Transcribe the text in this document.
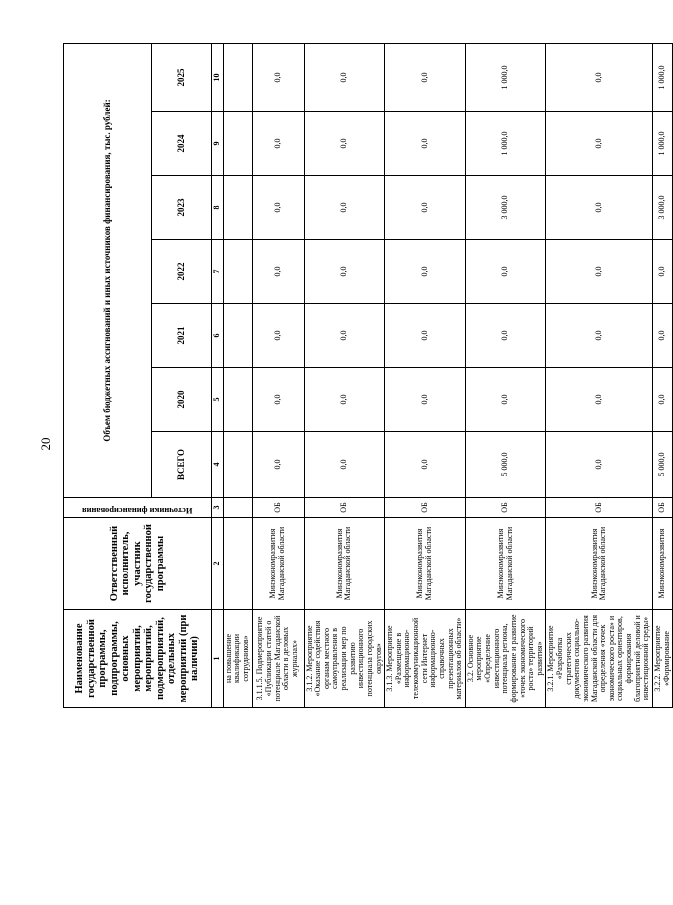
20
Наименование государственной программы, подпрограммы, основных мероприятий, мероприятий, подмероприятий, отдельных мероприятий (при наличии)	Ответственный исполнитель, участник государственной программы	Источники финансирования	Объем бюджетных ассигнований и иных источников финансирования, тыс. рублей:						
			ВСЕГО	2020	2021	2022	2023	2024	2025
1	2	3	4	5	6	7	8	9	10
на повышение квалификации сотрудников»									
3.1.1.5. Подмероприятие «Публикации статей о потенциале Магаданской области в деловых журналах»	Минэкономразвития Магаданской области	ОБ	0,0	0,0	0,0	0,0	0,0	0,0	0,0
3.1.2. Мероприятие «Оказание содействия органам местного самоуправления в реализации мер по развитию инвестиционного потенциала городских округов»	Минэкономразвития Магаданской области	ОБ	0,0	0,0	0,0	0,0	0,0	0,0	0,0
3.1.3. Мероприятие «Размещение в информационно-телекоммуникационной сети Интернет информационно-справочных презентационных материалов об области»	Минэкономразвития Магаданской области	ОБ	0,0	0,0	0,0	0,0	0,0	0,0	0,0
3.2. Основное мероприятие «Определение инвестиционного потенциала региона, формирование и развитие «точек экономического роста» территорий развития»	Минэкономразвития Магаданской области	ОБ	5 000,0	0,0	0,0	0,0	3 000,0	1 000,0	1 000,0
3.2.1. Мероприятие «Разработка стратегических документов социально-экономического развития Магаданской области для определения «точек экономического роста» и социальных ориентиров, формирования благоприятной деловой и инвестиционной среды»	Минэкономразвития Магаданской области	ОБ	0,0	0,0	0,0	0,0	0,0	0,0	0,0
3.2.2. Мероприятие «Формирование	Минэкономразвития	ОБ	5 000,0	0,0	0,0	0,0	3 000,0	1 000,0	1 000,0
